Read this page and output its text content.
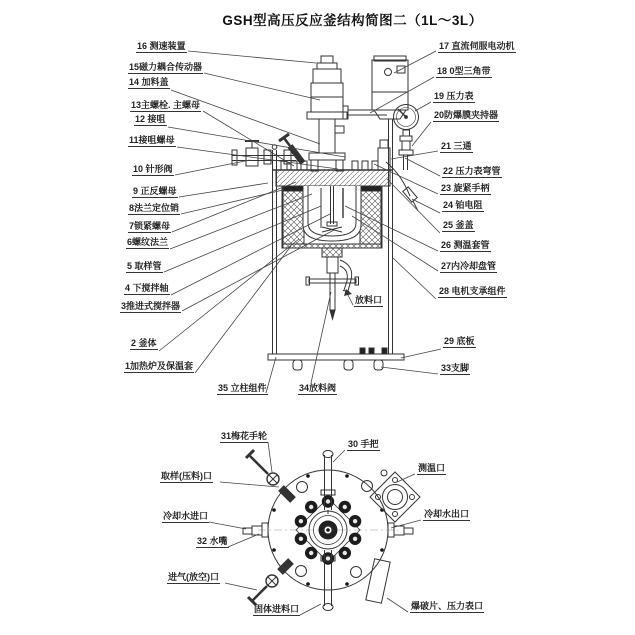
GSH型高压反应釜结构简图二（1L～3L）
16 测速装置
15磁力耦合传动器
14 加料盖
13主螺栓. 主螺母
12 接咀
11接咀螺母
10 针形阀
9 正反螺母
8法兰定位销
7锁紧螺母
6螺纹法兰
5 取样管
4 下搅拌轴
3推进式搅拌器
2 釜体
1加热炉及保温套
17 直流伺服电动机
18 0型三角带
19 压力表
20防爆膜夹持器
21 三通
22 压力表弯管
23 旋紧手柄
24 铂电阻
25 釜盖
26 测温套管
27内冷却盘管
28 电机支承组件
29 底板
33支脚
35 立柱组件	34放料阀
放料口
31梅花手轮
30 手把
取样(压料)口
测温口
冷却水进口	冷却水出口
32 水嘴
进气(放空)口
固体进料口	爆破片、压力表口
